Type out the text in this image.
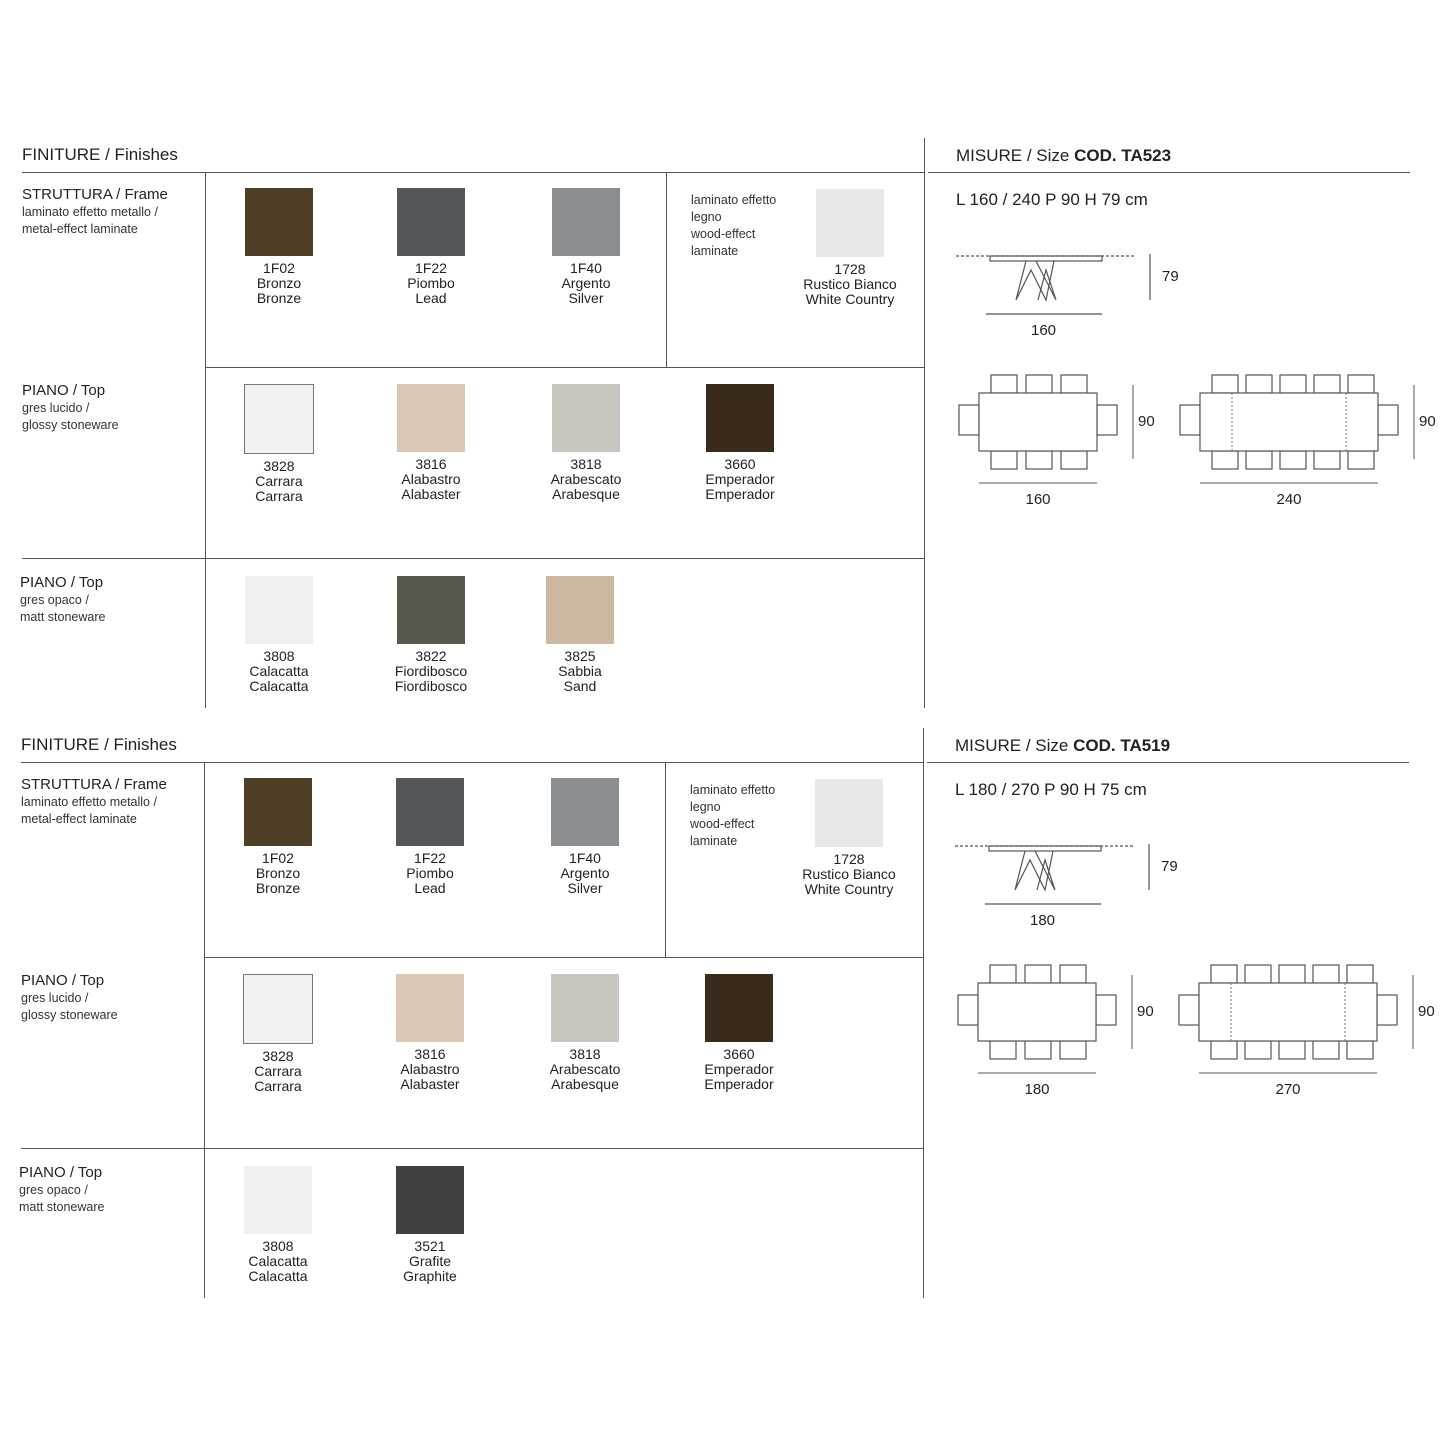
FINITURE / Finishes	MISURE / Size COD. TA523
STRUTTURA / Frame
laminato effetto metallo /
metal-effect laminate
1F02
Bronzo
Bronze
1F22
Piombo
Lead
1F40
Argento
Silver
laminato effetto
legno
wood-effect
laminate
1728
Rustico Bianco
White Country
PIANO / Top
gres lucido /
glossy stoneware
3828
Carrara
Carrara
3816
Alabastro
Alabaster
3818
Arabescato
Arabesque
3660
Emperador
Emperador
PIANO / Top
gres opaco /
matt stoneware
3808
Calacatta
Calacatta
3822
Fiordibosco
Fiordibosco
3825
Sabbia
Sand
L 160 / 240 P 90 H 79 cm
79
160
90
160
90
240
FINITURE / Finishes	MISURE / Size COD. TA519
STRUTTURA / Frame
laminato effetto metallo /
metal-effect laminate
1F02
Bronzo
Bronze
1F22
Piombo
Lead
1F40
Argento
Silver
laminato effetto
legno
wood-effect
laminate
1728
Rustico Bianco
White Country
PIANO / Top
gres lucido /
glossy stoneware
3828
Carrara
Carrara
3816
Alabastro
Alabaster
3818
Arabescato
Arabesque
3660
Emperador
Emperador
PIANO / Top
gres opaco /
matt stoneware
3808
Calacatta
Calacatta
3521
Grafite
Graphite
L 180 / 270 P 90 H 75 cm
79
180
90
180
90
270
